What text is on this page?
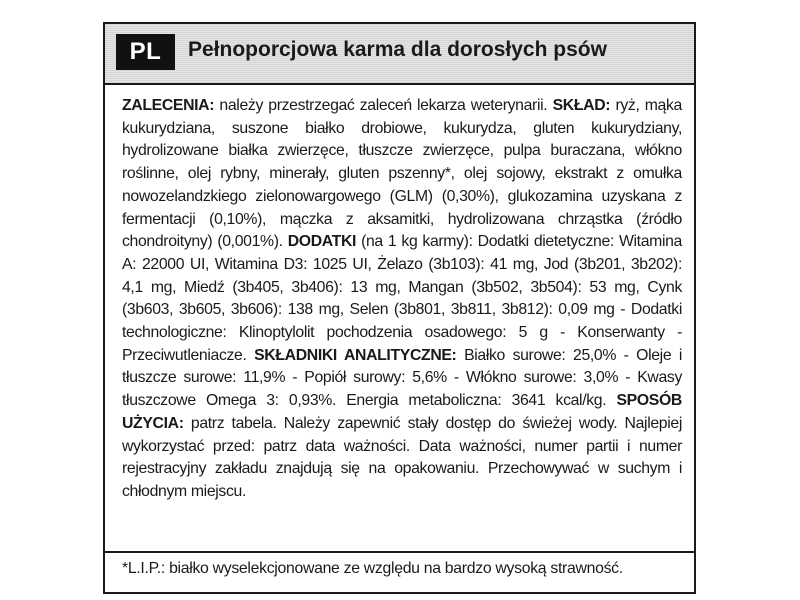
PL	Pełnoporcjowa karma dla dorosłych psów

ZALECENIA: należy przestrzegać zaleceń lekarza weterynarii. SKŁAD: ryż, mąka kukurydziana, suszone białko drobiowe, kukurydza, gluten kukurydziany, hydrolizowane białka zwierzęce, tłuszcze zwierzęce, pulpa buraczana, włókno roślinne, olej rybny, minerały, gluten pszenny*, olej sojowy, ekstrakt z omułka nowozelandzkiego zielonowargowego (GLM) (0,30%), glukozamina uzyskana z fermentacji (0,10%), mączka z aksamitki, hydrolizowana chrząstka (źródło chondroityny) (0,001%). DODATKI (na 1 kg karmy): Dodatki dietetyczne: Witamina A: 22000 UI, Witamina D3: 1025 UI, Żelazo (3b103): 41 mg, Jod (3b201, 3b202): 4,1 mg, Miedź (3b405, 3b406): 13 mg, Mangan (3b502, 3b504): 53 mg, Cynk (3b603, 3b605, 3b606): 138 mg, Selen (3b801, 3b811, 3b812): 0,09 mg - Dodatki technologiczne: Klinoptylolit pochodzenia osadowego: 5 g - Konserwanty - Przeciwutleniacze. SKŁADNIKI ANALITYCZNE: Białko surowe: 25,0% - Oleje i tłuszcze surowe: 11,9% - Popiół surowy: 5,6% - Włókno surowe: 3,0% - Kwasy tłuszczowe Omega 3: 0,93%. Energia metaboliczna: 3641 kcal/kg. SPOSÓB UŻYCIA: patrz tabela. Należy zapewnić stały dostęp do świeżej wody. Najlepiej wykorzystać przed: patrz data ważności. Data ważności, numer partii i numer rejestracyjny zakładu znajdują się na opakowaniu. Przechowywać w suchym i chłodnym miejscu.

*L.I.P.: białko wyselekcjonowane ze względu na bardzo wysoką strawność.
